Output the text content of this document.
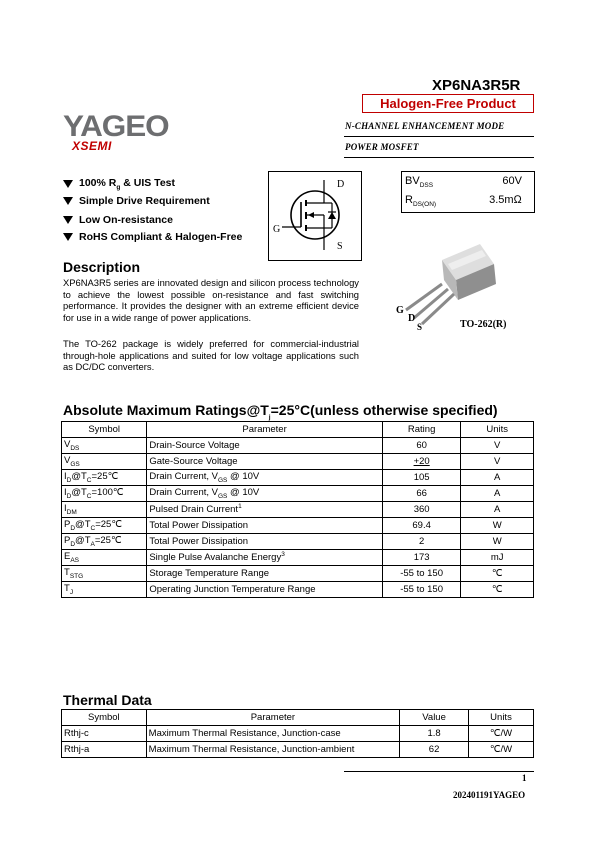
XP6NA3R5R
Halogen-Free Product
YAGEO
XSEMI
N-CHANNEL ENHANCEMENT MODE
POWER MOSFET
100% $R_g$ & UIS Test
Simple Drive Requirement
Low On-resistance
RoHS Compliant & Halogen-Free
D
G
S
$BV_{DSS}$	60V
$R_{DS(ON)}$	3.5mΩ
G
D
S	TO-262(R)
Description
XP6NA3R5 series are innovated design and silicon process technology to achieve the lowest possible on-resistance and fast switching performance. It provides the designer with an extreme efficient device for use in a wide range of power applications.
The TO-262 package is widely preferred for commercial-industrial through-hole applications and suited for low voltage applications such as DC/DC converters.
Absolute Maximum $Ratings@T_j=25^\circ C(unless$ otherwise specified)
Symbol	Parameter	Rating	Units
$V_{DS}$	Drain-Source Voltage	60	V
$V_{GS}$	Gate-Source Voltage	+20	V
$I_D@T_C=25℃$	Drain Current, $V_{GS}$ @ 10V	105	A
$I_D@T_C=100℃$	Drain Current, $V_{GS}$ @ 10V	66	A
$I_{DM}$	Pulsed Drain Current$^1$	360	A
$P_D@T_C=25℃$	Total Power Dissipation	69.4	W
$P_D@T_A=25℃$	Total Power Dissipation	2	W
$E_{AS}$	Single Pulse Avalanche Energy$^3$	173	mJ
$T_{STG}$	Storage Temperature Range	-55 to 150	℃
$T_J$	Operating Junction Temperature Range	-55 to 150	℃
Thermal Data
Symbol	Parameter	Value	Units
Rthj-c	Maximum Thermal Resistance, Junction-case	1.8	℃/W
Rthj-a	Maximum Thermal Resistance, Junction-ambient	62	℃/W
1
202401191YAGEO
